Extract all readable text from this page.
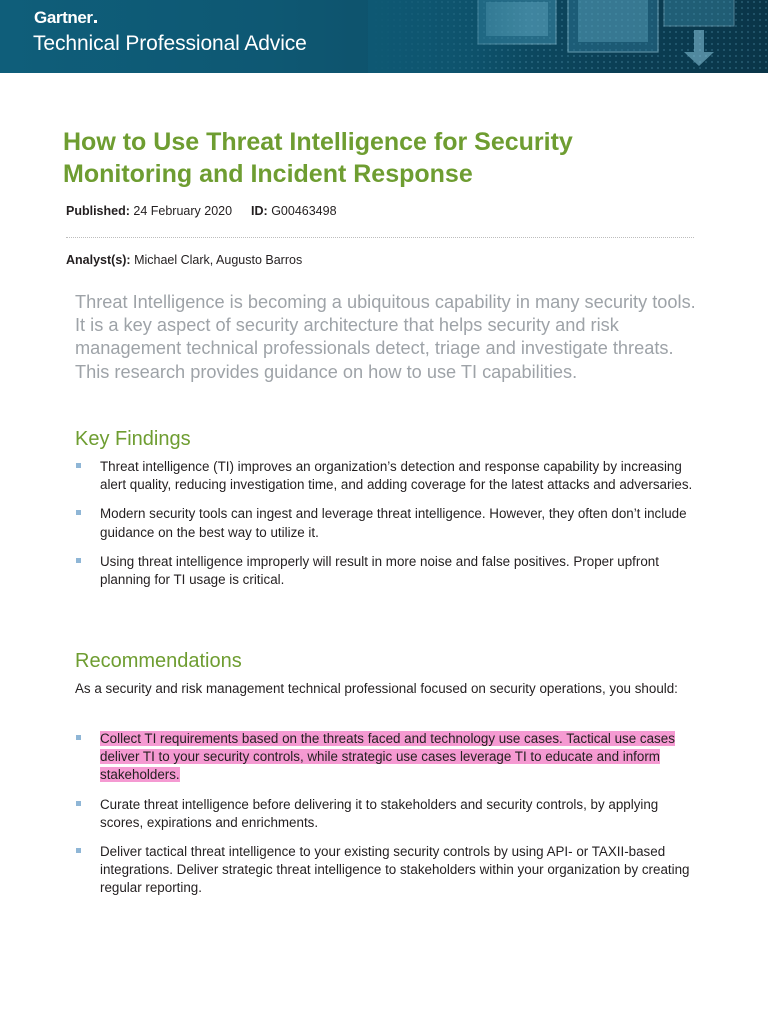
Gartner
Technical Professional Advice
How to Use Threat Intelligence for Security Monitoring and Incident Response
Published: 24 February 2020 ID: G00463498
Analyst(s): Michael Clark, Augusto Barros

Threat Intelligence is becoming a ubiquitous capability in many security tools. It is a key aspect of security architecture that helps security and risk management technical professionals detect, triage and investigate threats. This research provides guidance on how to use TI capabilities.

Key Findings
Threat intelligence (TI) improves an organization’s detection and response capability by increasing alert quality, reducing investigation time, and adding coverage for the latest attacks and adversaries.
Modern security tools can ingest and leverage threat intelligence. However, they often don’t include guidance on the best way to utilize it.
Using threat intelligence improperly will result in more noise and false positives. Proper upfront planning for TI usage is critical.
Recommendations

As a security and risk management technical professional focused on security operations, you should:

Collect TI requirements based on the threats faced and technology use cases. Tactical use cases deliver TI to your security controls, while strategic use cases leverage TI to educate and inform stakeholders.
Curate threat intelligence before delivering it to stakeholders and security controls, by applying scores, expirations and enrichments.
Deliver tactical threat intelligence to your existing security controls by using API- or TAXII-based integrations. Deliver strategic threat intelligence to stakeholders within your organization by creating regular reporting.
